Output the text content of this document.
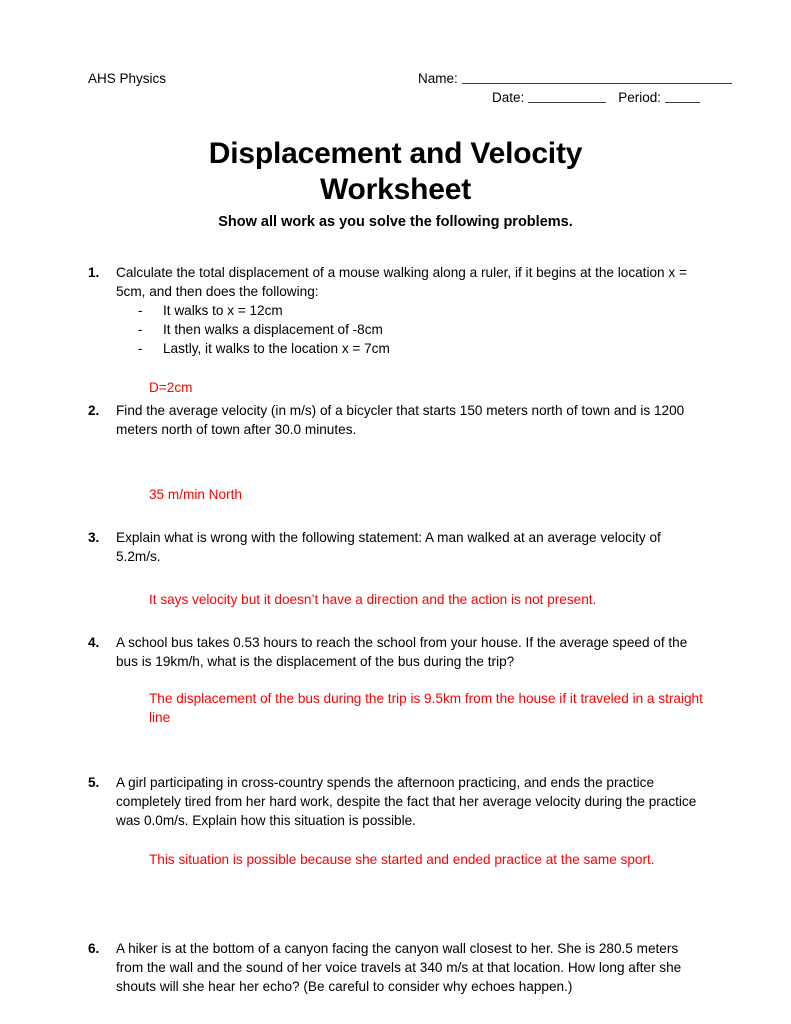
AHS Physics	Name:
Date:	Period:
Displacement and Velocity
Worksheet
Show all work as you solve the following problems.
1.	Calculate the total displacement of a mouse walking along a ruler, if it begins at the location x = 5cm, and then does the following:
- It walks to x = 12cm
- It then walks a displacement of -8cm
- Lastly, it walks to the location x = 7cm
D=2cm
2.	Find the average velocity (in m/s) of a bicycler that starts 150 meters north of town and is 1200 meters north of town after 30.0 minutes.
35 m/min North
3.	Explain what is wrong with the following statement: A man walked at an average velocity of 5.2m/s.
It says velocity but it doesn’t have a direction and the action is not present.
4.	A school bus takes 0.53 hours to reach the school from your house. If the average speed of the bus is 19km/h, what is the displacement of the bus during the trip?
The displacement of the bus during the trip is 9.5km from the house if it traveled in a straight line
5.	A girl participating in cross-country spends the afternoon practicing, and ends the practice completely tired from her hard work, despite the fact that her average velocity during the practice was 0.0m/s. Explain how this situation is possible.
This situation is possible because she started and ended practice at the same sport.
6.	A hiker is at the bottom of a canyon facing the canyon wall closest to her. She is 280.5 meters from the wall and the sound of her voice travels at 340 m/s at that location. How long after she shouts will she hear her echo? (Be careful to consider why echoes happen.)
